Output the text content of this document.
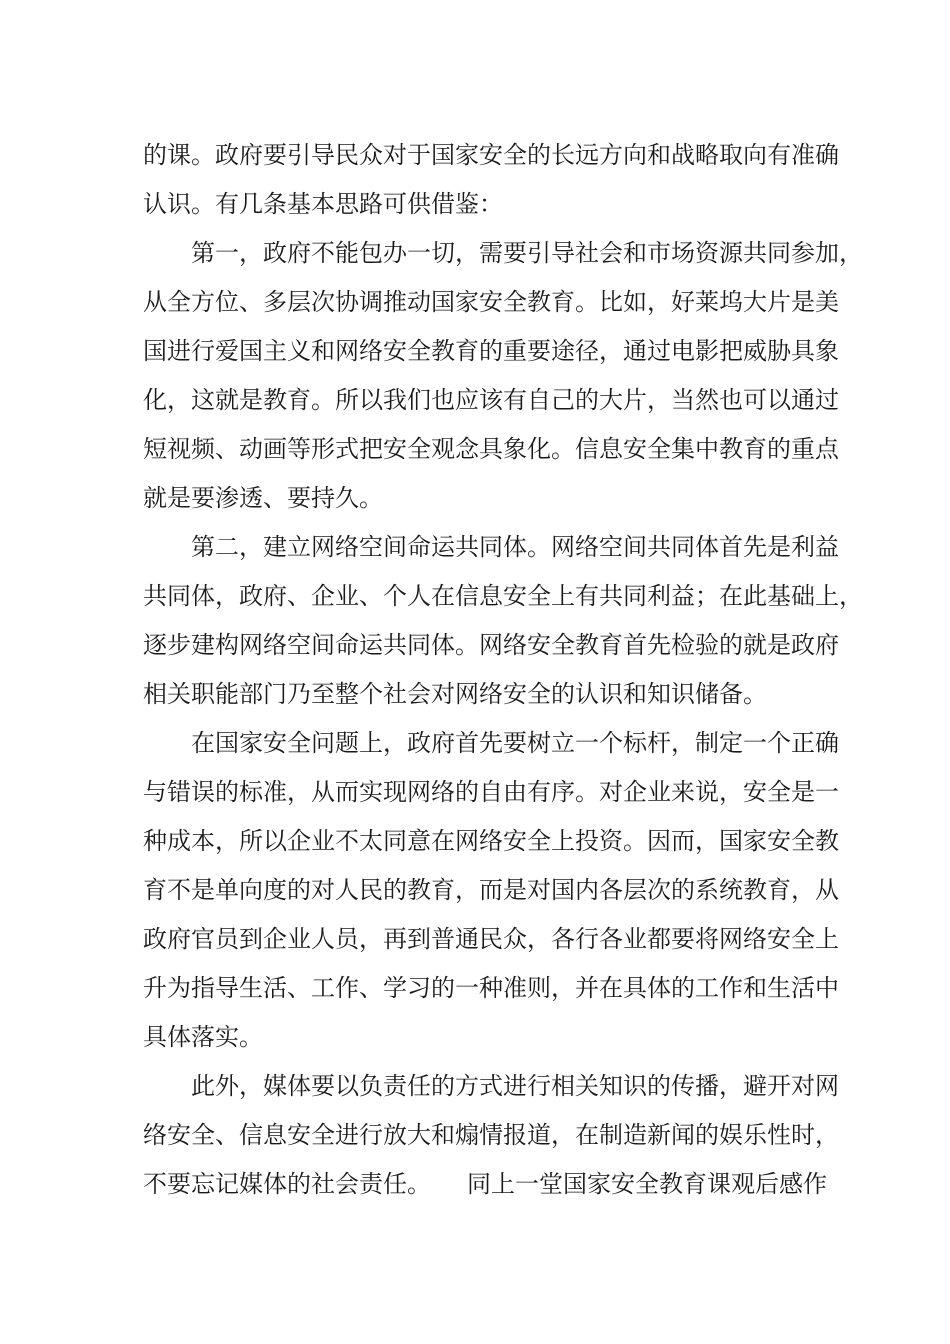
的课。政府要引导民众对于国家安全的长远方向和战略取向有准确
认识。有几条基本思路可供借鉴：
第一，政府不能包办一切，需要引导社会和市场资源共同参加，
从全方位、多层次协调推动国家安全教育。比如，好莱坞大片是美
国进行爱国主义和网络安全教育的重要途径，通过电影把威胁具象
化，这就是教育。所以我们也应该有自己的大片，当然也可以通过
短视频、动画等形式把安全观念具象化。信息安全集中教育的重点
就是要渗透、要持久。
第二，建立网络空间命运共同体。网络空间共同体首先是利益
共同体，政府、企业、个人在信息安全上有共同利益；在此基础上，
逐步建构网络空间命运共同体。网络安全教育首先检验的就是政府
相关职能部门乃至整个社会对网络安全的认识和知识储备。
在国家安全问题上，政府首先要树立一个标杆，制定一个正确
与错误的标准，从而实现网络的自由有序。对企业来说，安全是一
种成本，所以企业不太同意在网络安全上投资。因而，国家安全教
育不是单向度的对人民的教育，而是对国内各层次的系统教育，从
政府官员到企业人员，再到普通民众，各行各业都要将网络安全上
升为指导生活、工作、学习的一种准则，并在具体的工作和生活中
具体落实。
此外，媒体要以负责任的方式进行相关知识的传播，避开对网
络安全、信息安全进行放大和煽情报道，在制造新闻的娱乐性时，
不要忘记媒体的社会责任。　　同上一堂国家安全教育课观后感作
